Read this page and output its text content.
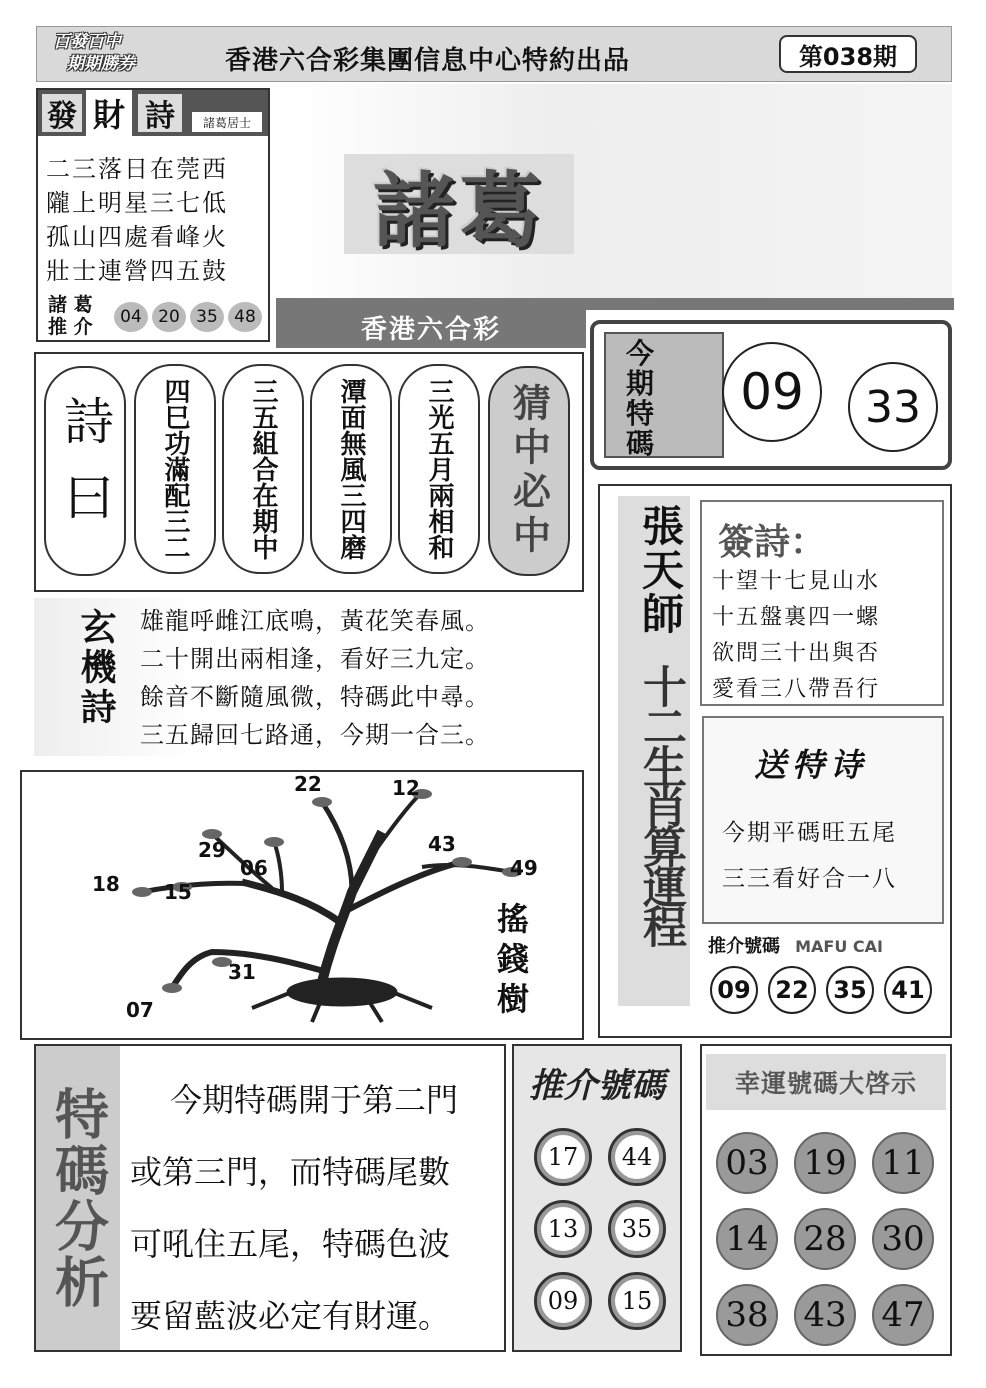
百發百中
期期勝券	香港六合彩集團信息中心特約出品	第038期
發 財 詩	諸葛居士
二三落日在莞西
隴上明星三七低
孤山四處看峰火
壯士連營四五鼓
諸 葛
推 介	04 20 35 48
諸葛
香港六合彩
今
期
特
碼
09	33
詩曰 四巳功滿配三二 三五組合在期中 潭面無風三四磨 三光五月兩相和 猜中必中
玄機詩 雄龍呼雌江底鳴，黃花笑春風。
二十開出兩相逢，看好三九定。
餘音不斷隨風微，特碼此中尋。
三五歸回七路通，今期一合三。
22	12
43
49
29
06
18 15
31
07	搖錢樹
張天師
十二生肖算運程
簽詩：
十望十七見山水
十五盤裏四一螺
欲問三十出與否
愛看三八帶吾行
送特诗
今期平碼旺五尾
三三看好合一八
推介號碼 MAFU CAI
09	22	35	41
特碼分析	今期特碼開于第二門
或第三門，而特碼尾數
可吼住五尾，特碼色波
要留藍波必定有財運。
推介號碼
17	44
13	35
09	15
幸運號碼大啓示
03 19 11
14 28 30
38 43 47
